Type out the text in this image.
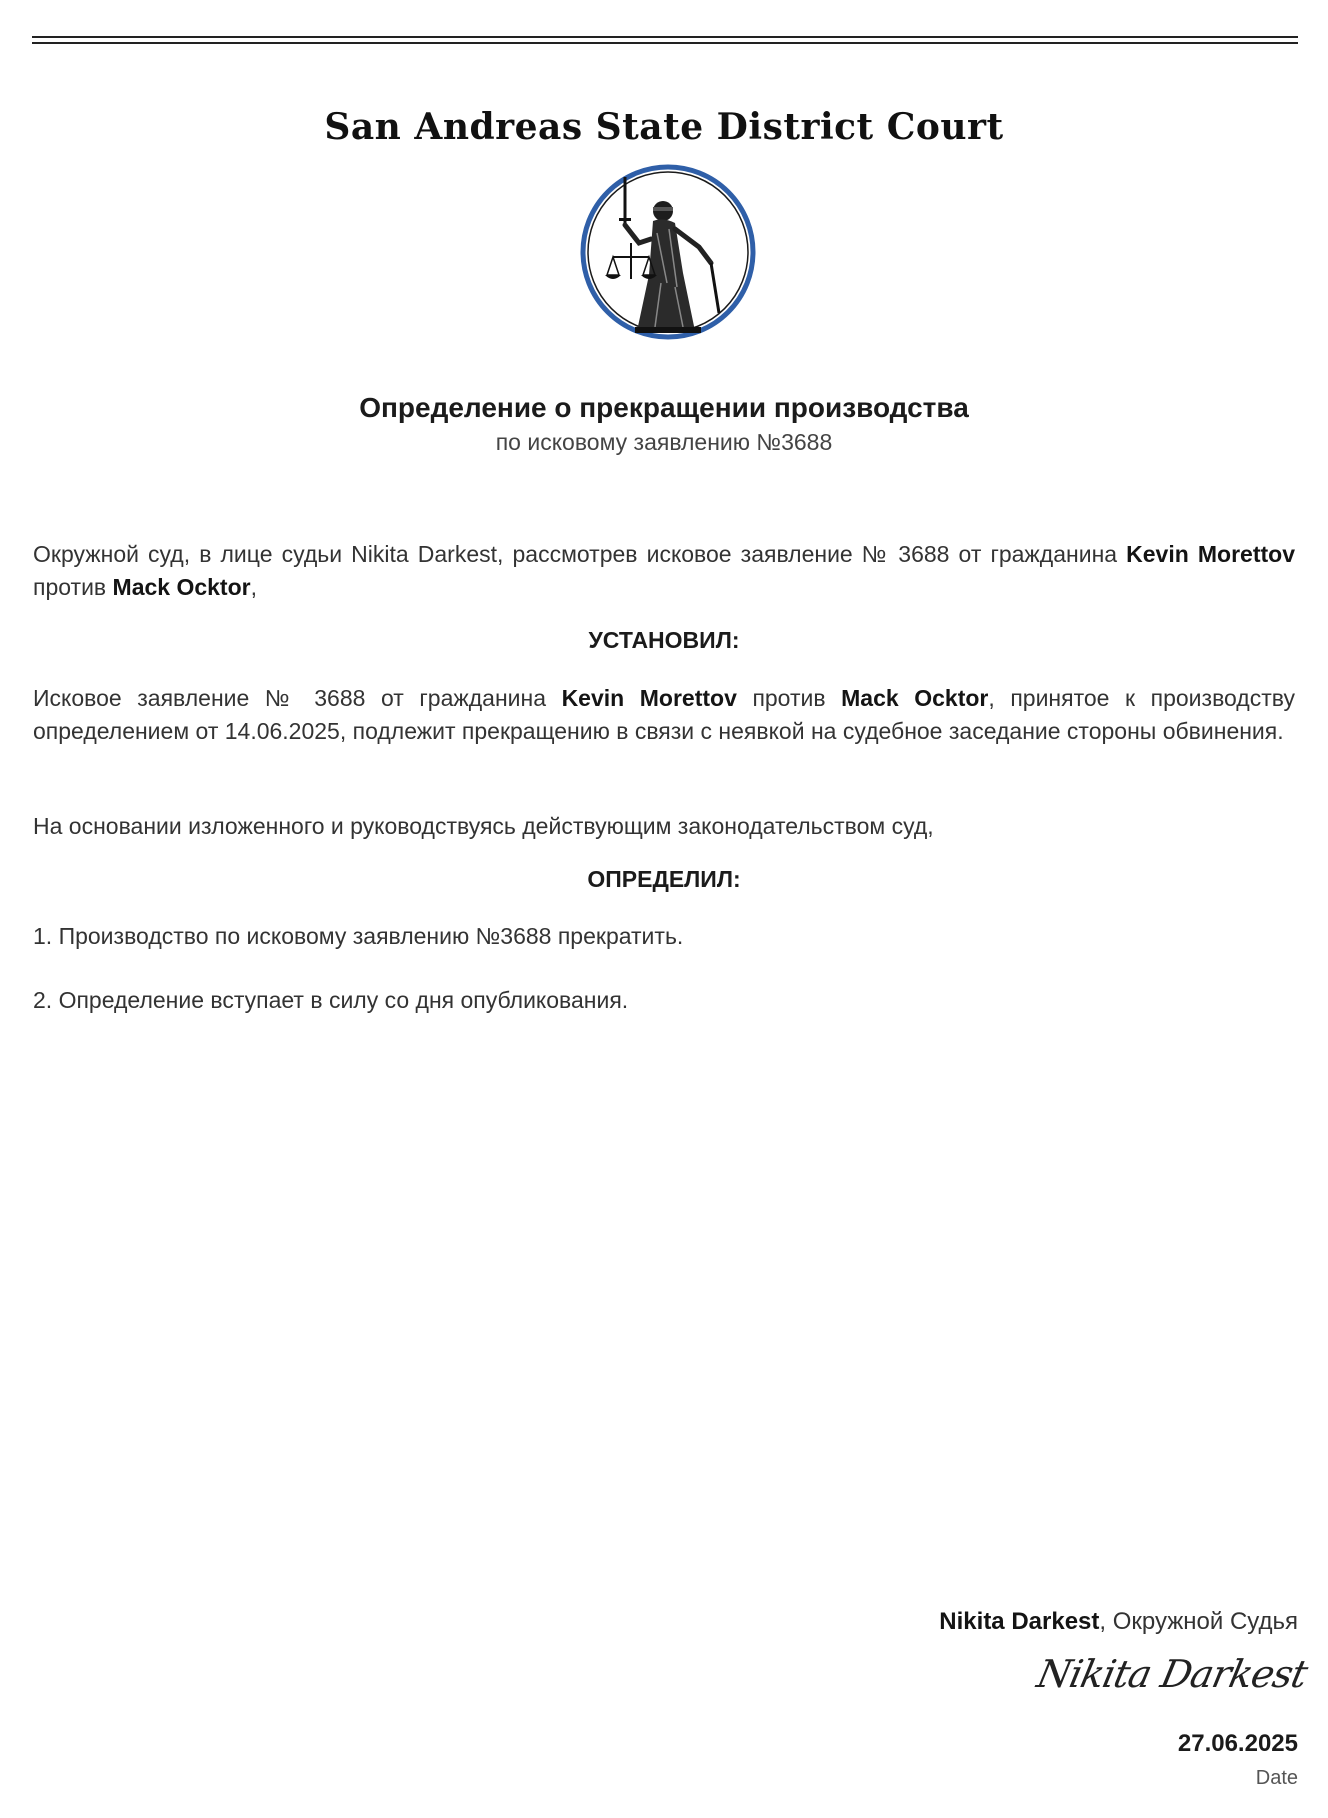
San Andreas State District Court
Определение о прекращении производства
по исковому заявлению №3688
Окружной суд, в лице судьи Nikita Darkest, рассмотрев исковое заявление № 3688 от гражданина Kevin Morettov против Mack Ocktor,
УСТАНОВИЛ:
Исковое заявление № 3688 от гражданина Kevin Morettov против Mack Ocktor, принятое к производству определением от 14.06.2025, подлежит прекращению в связи с неявкой на судебное заседание стороны обвинения.
На основании изложенного и руководствуясь действующим законодательством суд,
ОПРЕДЕЛИЛ:
1. Производство по исковому заявлению №3688 прекратить.
2. Определение вступает в силу со дня опубликования.
Nikita Darkest, Окружной Судья
Nikita Darkest
27.06.2025
Date
